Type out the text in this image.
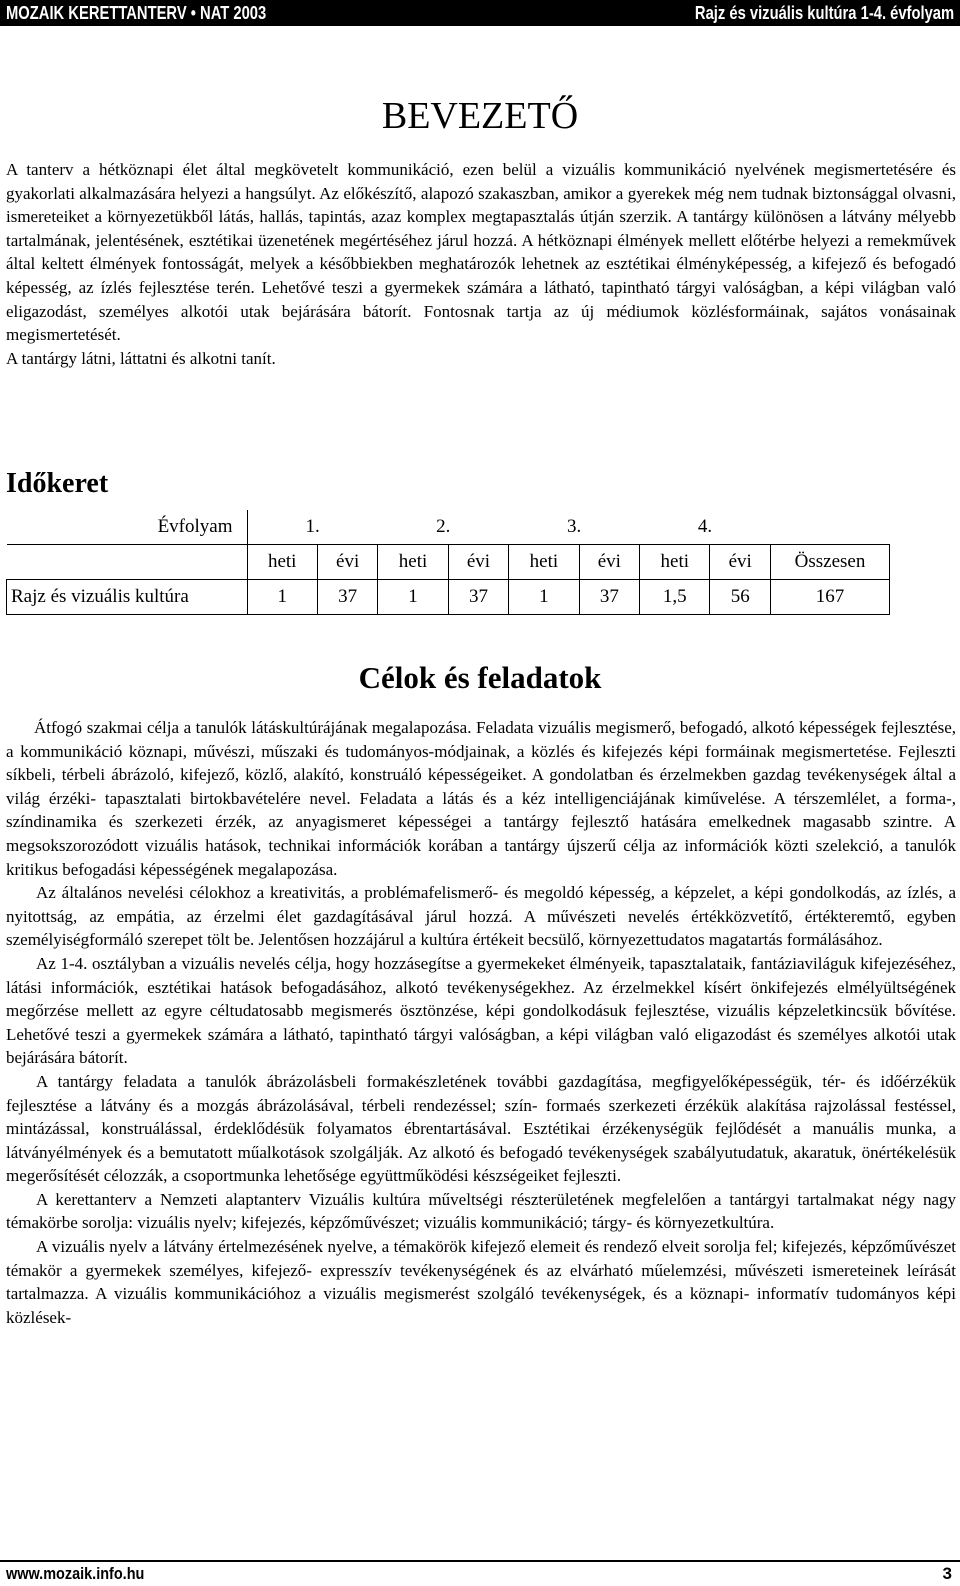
MOZAIK KERETTANTERV • NAT 2003	Rajz és vizuális kultúra 1-4. évfolyam
BEVEZETŐ

A tanterv a hétköznapi élet által megkövetelt kommunikáció, ezen belül a vizuális kommunikáció nyelvének megismertetésére és gyakorlati alkalmazására helyezi a hangsúlyt. Az előkészítő, alapozó szakaszban, amikor a gyerekek még nem tudnak biztonsággal olvasni, ismereteiket a környezetükből látás, hallás, tapintás, azaz komplex megtapasztalás útján szerzik. A tantárgy különösen a látvány mélyebb tartalmának, jelentésének, esztétikai üzenetének megértéséhez járul hozzá. A hétköznapi élmények mellett előtérbe helyezi a remekművek által keltett élmények fontosságát, melyek a későbbiekben meghatározók lehetnek az esztétikai élményképesség, a kifejező és befogadó képesség, az ízlés fejlesztése terén. Lehetővé teszi a gyermekek számára a látható, tapintható tárgyi valóságban, a képi világban való eligazodást, személyes alkotói utak bejárására bátorít. Fontosnak tartja az új médiumok közlésformáinak, sajátos vonásainak megismertetését.

A tantárgy látni, láttatni és alkotni tanít.

Időkeret
Évfolyam	1.		2.		3.		4.		
	heti	évi	heti	évi	heti	évi	heti	évi	Összesen
Rajz és vizuális kultúra	1	37	1	37	1	37	1,5	56	167
Célok és feladatok

Átfogó szakmai célja a tanulók látáskultúrájának megalapozása. Feladata vizuális megismerő, befogadó, alkotó képességek fejlesztése, a kommunikáció köznapi, művészi, műszaki és tudományos-módjainak, a közlés és kifejezés képi formáinak megismertetése. Fejleszti síkbeli, térbeli ábrázoló, kifejező, közlő, alakító, konstruáló képességeiket. A gondolatban és érzelmekben gazdag tevékenységek által a világ érzéki- tapasztalati birtokbavételére nevel. Feladata a látás és a kéz intelligenciájának kiművelése. A térszemlélet, a forma-, színdinamika és szerkezeti érzék, az anyagismeret képességei a tantárgy fejlesztő hatására emelkednek magasabb szintre. A megsokszorozódott vizuális hatások, technikai információk korában a tantárgy újszerű célja az információk közti szelekció, a tanulók kritikus befogadási képességének megalapozása.

Az általános nevelési célokhoz a kreativitás, a problémafelismerő- és megoldó képesség, a képzelet, a képi gondolkodás, az ízlés, a nyitottság, az empátia, az érzelmi élet gazdagításával járul hozzá. A művészeti nevelés értékközvetítő, értékteremtő, egyben személyiségformáló szerepet tölt be. Jelentősen hozzájárul a kultúra értékeit becsülő, környezettudatos magatartás formálásához.

Az 1-4. osztályban a vizuális nevelés célja, hogy hozzásegítse a gyermekeket élményeik, tapasztalataik, fantáziaviláguk kifejezéséhez, látási információk, esztétikai hatások befogadásához, alkotó tevékenységekhez. Az érzelmekkel kísért önkifejezés elmélyültségének megőrzése mellett az egyre céltudatosabb megismerés ösztönzése, képi gondolkodásuk fejlesztése, vizuális képzeletkincsük bővítése. Lehetővé teszi a gyermekek számára a látható, tapintható tárgyi valóságban, a képi világban való eligazodást és személyes alkotói utak bejárására bátorít.

A tantárgy feladata a tanulók ábrázolásbeli formakészletének további gazdagítása, megfigyelőképességük, tér- és időérzékük fejlesztése a látvány és a mozgás ábrázolásával, térbeli rendezéssel; szín- formaés szerkezeti érzékük alakítása rajzolással festéssel, mintázással, konstruálással, érdeklődésük folyamatos ébrentartásával. Esztétikai érzékenységük fejlődését a manuális munka, a látványélmények és a bemutatott műalkotások szolgálják. Az alkotó és befogadó tevékenységek szabályutudatuk, akaratuk, önértékelésük megerősítését célozzák, a csoportmunka lehetősége együttműködési készségeiket fejleszti.

A kerettanterv a Nemzeti alaptanterv Vizuális kultúra műveltségi részterületének megfelelően a tantárgyi tartalmakat négy nagy témakörbe sorolja: vizuális nyelv; kifejezés, képzőművészet; vizuális kommunikáció; tárgy- és környezetkultúra.

A vizuális nyelv a látvány értelmezésének nyelve, a témakörök kifejező elemeit és rendező elveit sorolja fel; kifejezés, képzőművészet témakör a gyermekek személyes, kifejező- expresszív tevékenységének és az elvárható műelemzési, művészeti ismereteinek leírását tartalmazza. A vizuális kommunikációhoz a vizuális megismerést szolgáló tevékenységek, és a köznapi- informatív tudományos képi közlések-

www.mozaik.info.hu	3
